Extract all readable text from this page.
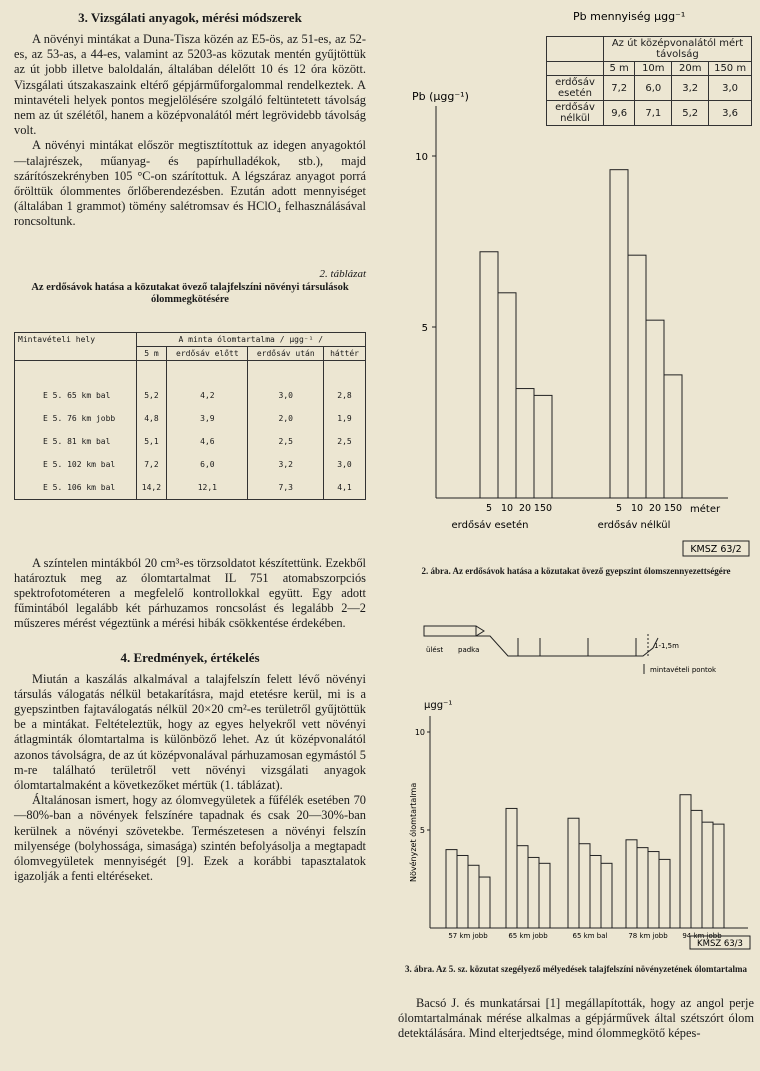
3. Vizsgálati anyagok, mérési módszerek

A növényi mintákat a Duna-Tisza közén az E5-ös, az 51-es, az 52-es, az 53-as, a 44-es, valamint az 5203-as közutak mentén gyűjtöttük az út jobb illetve baloldalán, általában délelőtt 10 és 12 óra között. Vizsgálati útszakaszaink eltérő gépjárműforgalommal rendelkeztek. A mintavételi helyek pontos megjelölésére szolgáló feltüntetett távolság nem az út szélétől, hanem a középvonalától mért legrövidebb távolság volt.

A növényi mintákat először megtisztítottuk az idegen anyagoktól —talajrészek, műanyag- és papírhulladékok, stb.), majd szárítószekrényben 105 °C-on szárítottuk. A légszáraz anyagot porrá őrölttük ólommentes őrlőberendezésben. Ezután adott mennyiséget (általában 1 grammot) tömény salétromsav és HClO₄ felhasználásával roncsoltunk.

2. táblázat
Az erdősávok hatása a közutakat övező talajfelszíni növényi társulások ólommegkötésére
Mintavételi hely	A minta ólomtartalma / μgg⁻¹ /			
	5 m	erdősáv előtt	erdősáv után	háttér

E 5. 65 km bal	5,2	4,2	3,0	2,8
E 5. 76 km jobb	4,8	3,9	2,0	1,9
E 5. 81 km bal	5,1	4,6	2,5	2,5
E 5. 102 km bal	7,2	6,0	3,2	3,0
E 5. 106 km bal	14,2	12,1	7,3	4,1

A színtelen mintákból 20 cm³-es törzsoldatot készítettünk. Ezekből határoztuk meg az ólomtartalmat IL 751 atomabszorpciós spektrofotométeren a megfelelő kontrollokkal együtt. Egy adott fűmintából legalább két párhuzamos roncsolást és legalább 2—2 műszeres mérést végeztünk a mérési hibák csökkentése érdekében.

4. Eredmények, értékelés

Miután a kaszálás alkalmával a talajfelszín felett lévő növényi társulás válogatás nélkül betakarításra, majd etetésre kerül, mi is a gyepszintben fajtaválogatás nélkül 20×20 cm²-es területről gyűjtöttük be a mintákat. Feltételeztük, hogy az egyes helyekről vett növényi átlagminták ólomtartalma is különböző lehet. Az út középvonalától azonos távolságra, de az út középvonalával párhuzamosan egymástól 5 m-re található területről vett növényi vizsgálati anyagok ólomtartalmaként a következőket mértük (1. táblázat).

Általánosan ismert, hogy az ólomvegyületek a fűfélék esetében 70—80%-ban a növények felszínére tapadnak és csak 20—30%-ban kerülnek a növényi szövetekbe. Természetesen a növényi felszín milyensége (bolyhossága, simasága) szintén befolyásolja a megtapadt ólomvegyületek mennyiségét [9]. Ezek a korábbi tapasztalatok igazolják a fenti eltéréseket.

Pb mennyiség μgg⁻¹
Pb (μgg⁻¹)
5
10
5 10 20 150	5 10 20 150 méter
erdősáv esetén	erdősáv nélkül
KMSZ 63/2
	Az út középvonalától mért távolság			
	5 m	10m	20m	150 m
erdősáv esetén	7,2	6,0	3,2	3,0
erdősáv nélkül	9,6	7,1	5,2	3,6
2. ábra. Az erdősávok hatása a közutakat övező gyepszint ólomszennyezettségére
ülést padka	1-1,5m
mintavételi pontok
μgg⁻¹
Növényzet ólomtartalma 5
10
57 km jobb	65 km jobb	65 km bal	78 km jobb 94 km jobb
KMSZ 63/3
3. ábra. Az 5. sz. közutat szegélyező mélyedések talajfelszíni növényzetének ólomtartalma

Bacsó J. és munkatársai [1] megállapították, hogy az angol perje ólomtartalmának mérése alkalmas a gépjárművek által szétszórt ólom detektálására. Mind elterjedtsége, mind ólommegkötő képes-
